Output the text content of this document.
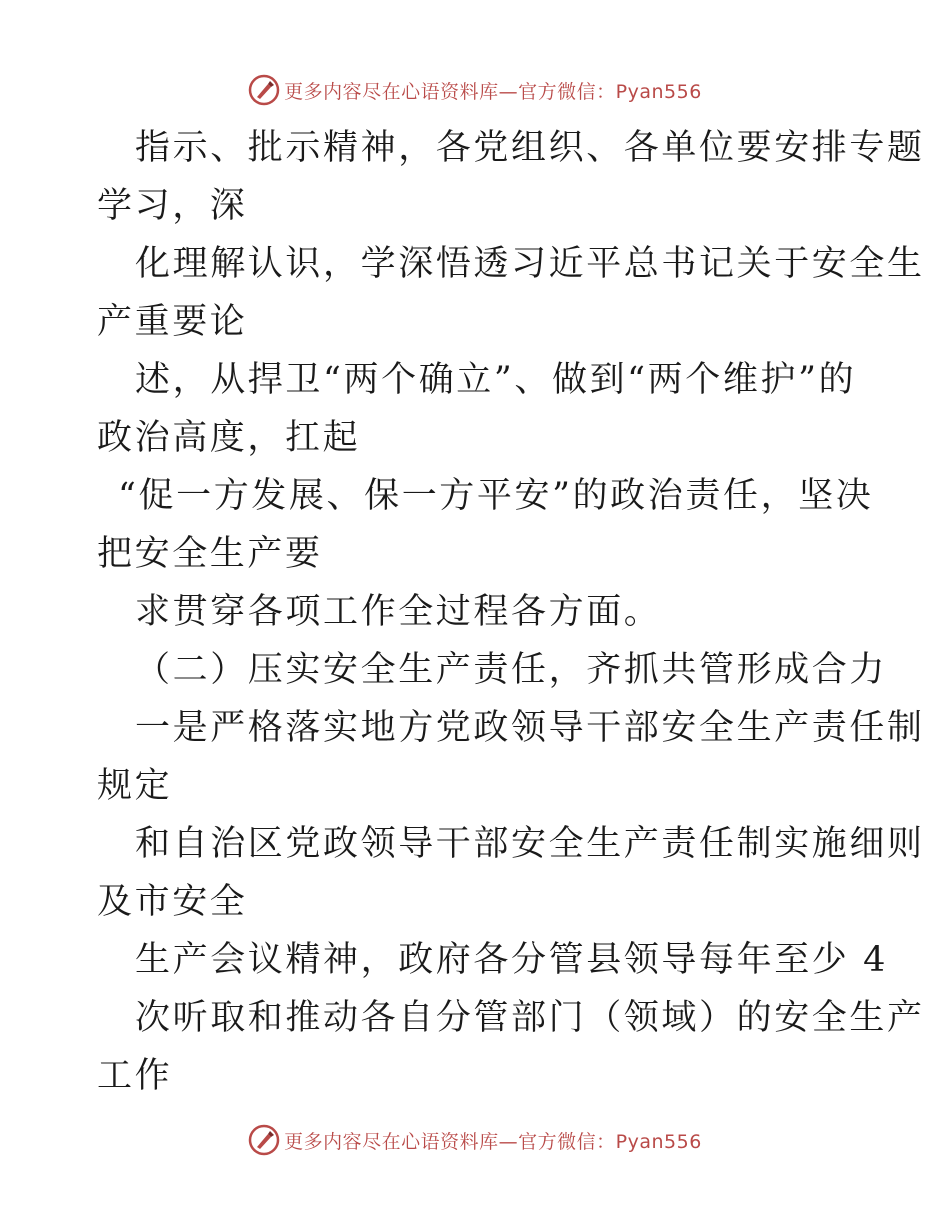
更多内容尽在心语资料库—官方微信：Pyan556
指示、批示精神，各党组织、各单位要安排专题
学习，深
化理解认识，学深悟透习近平总书记关于安全生
产重要论
述，从捍卫“两个确立”、做到“两个维护”的
政治高度，扛起
“促一方发展、保一方平安”的政治责任，坚决
把安全生产要
求贯穿各项工作全过程各方面。
（二）压实安全生产责任，齐抓共管形成合力
一是严格落实地方党政领导干部安全生产责任制
规定
和自治区党政领导干部安全生产责任制实施细则
及市安全
生产会议精神，政府各分管县领导每年至少 4
次听取和推动各自分管部门（领域）的安全生产
工作
更多内容尽在心语资料库—官方微信：Pyan556
